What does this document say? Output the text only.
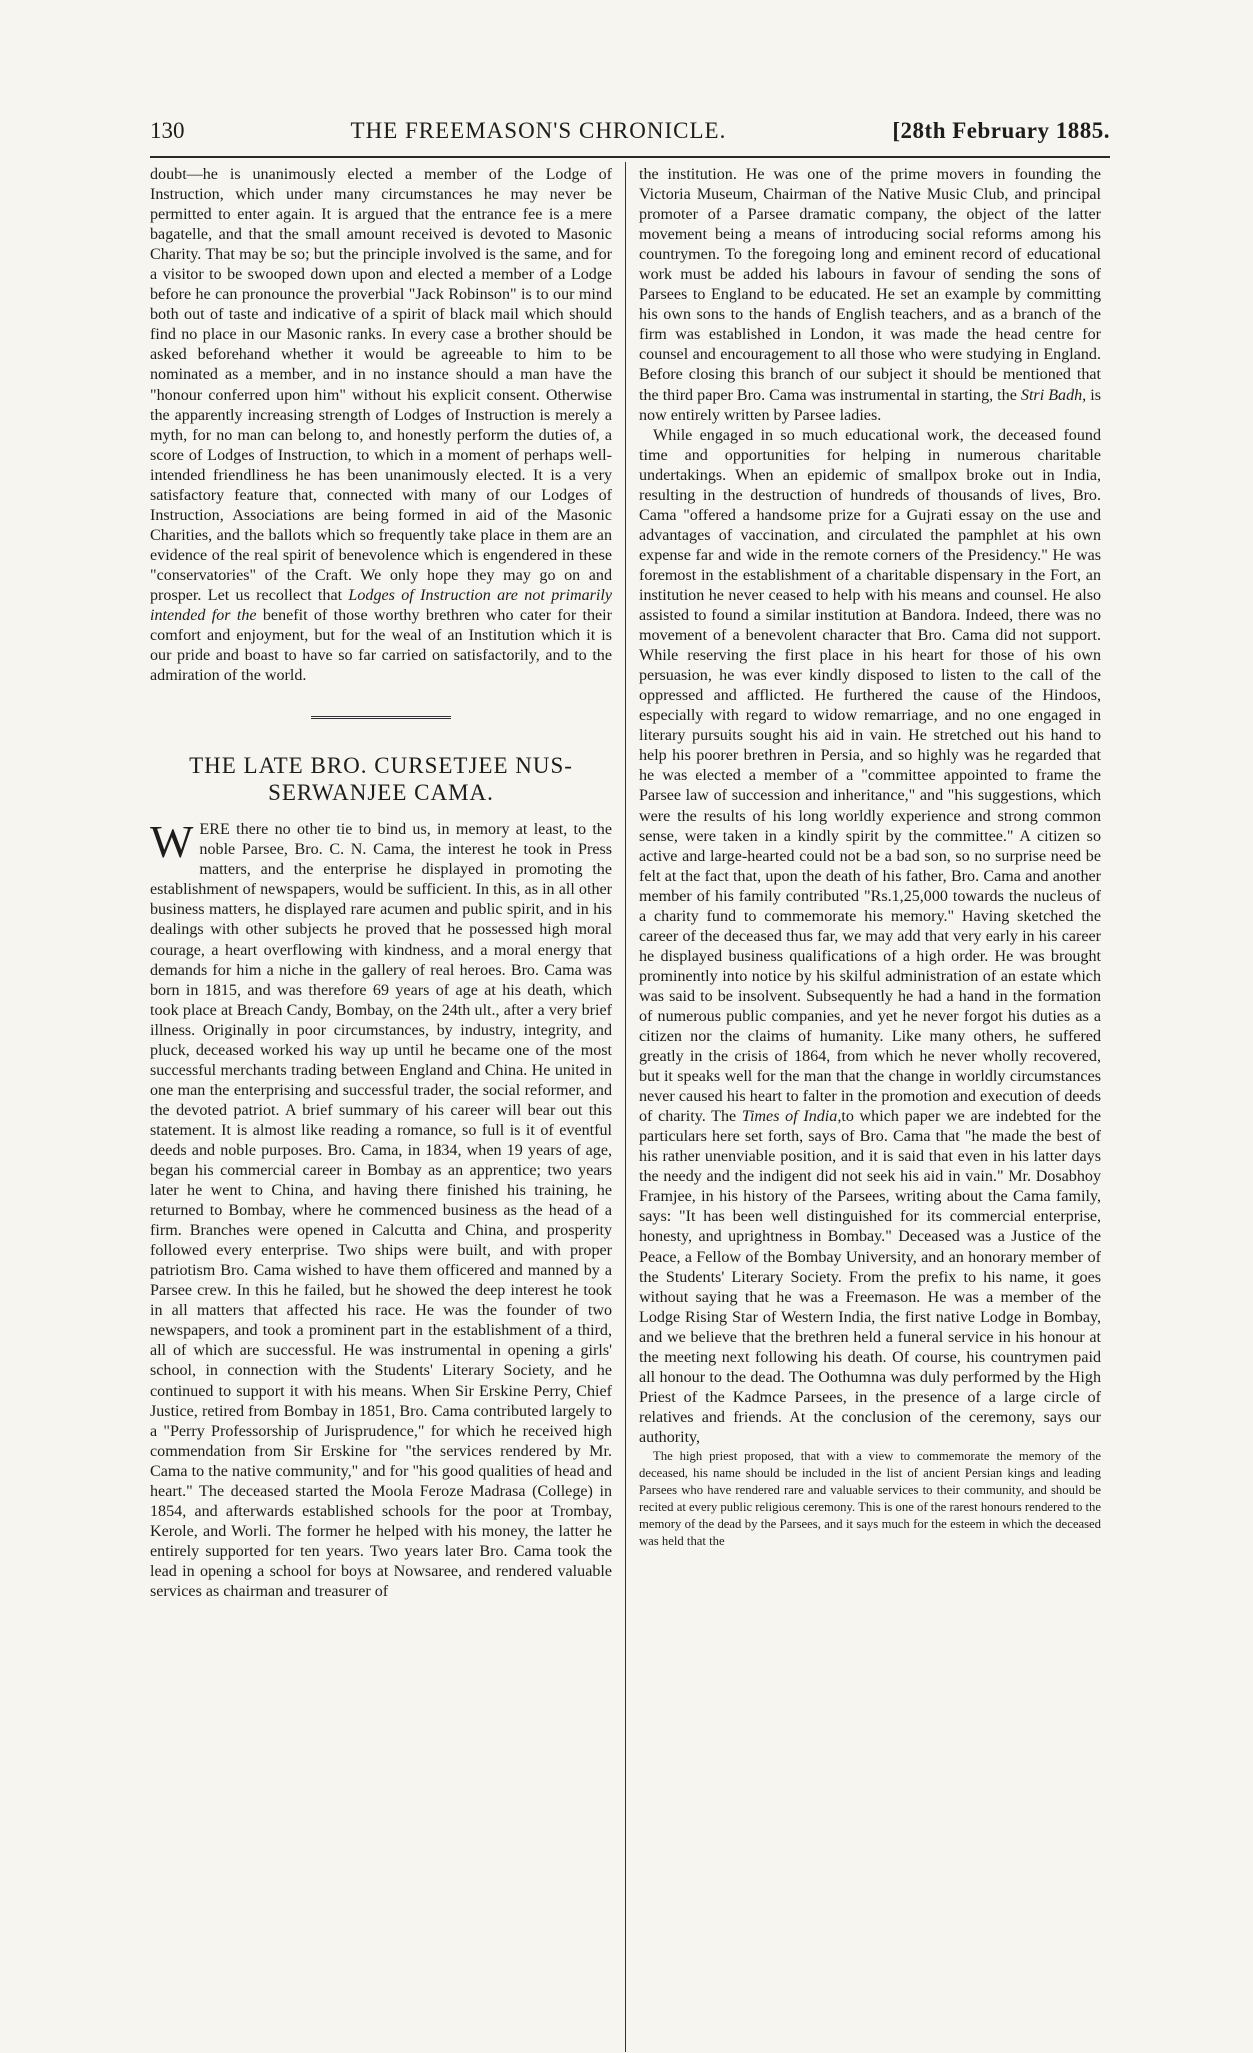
130	THE FREEMASON'S CHRONICLE.	[28th February 1885.

doubt—he is unanimously elected a member of the Lodge of Instruction, which under many circumstances he may never be permitted to enter again. It is argued that the entrance fee is a mere bagatelle, and that the small amount received is devoted to Masonic Charity. That may be so; but the principle involved is the same, and for a visitor to be swooped down upon and elected a member of a Lodge before he can pronounce the proverbial "Jack Robinson" is to our mind both out of taste and indicative of a spirit of black mail which should find no place in our Masonic ranks. In every case a brother should be asked beforehand whether it would be agreeable to him to be nominated as a member, and in no instance should a man have the "honour conferred upon him" without his explicit consent. Otherwise the apparently increasing strength of Lodges of Instruction is merely a myth, for no man can belong to, and honestly perform the duties of, a score of Lodges of Instruction, to which in a moment of perhaps well-intended friendliness he has been unanimously elected. It is a very satisfactory feature that, connected with many of our Lodges of Instruction, Associations are being formed in aid of the Masonic Charities, and the ballots which so frequently take place in them are an evidence of the real spirit of benevolence which is engendered in these "conservatories" of the Craft. We only hope they may go on and prosper. Let us recollect that Lodges of Instruction are not primarily intended for the benefit of those worthy brethren who cater for their comfort and enjoyment, but for the weal of an Institution which it is our pride and boast to have so far carried on satisfactorily, and to the admiration of the world.

THE LATE BRO. CURSETJEE NUS-
SERWANJEE CAMA.

WERE there no other tie to bind us, in memory at least, to the noble Parsee, Bro. C. N. Cama, the interest he took in Press matters, and the enterprise he displayed in promoting the establishment of newspapers, would be sufficient. In this, as in all other business matters, he displayed rare acumen and public spirit, and in his dealings with other subjects he proved that he possessed high moral courage, a heart overflowing with kindness, and a moral energy that demands for him a niche in the gallery of real heroes. Bro. Cama was born in 1815, and was therefore 69 years of age at his death, which took place at Breach Candy, Bombay, on the 24th ult., after a very brief illness. Originally in poor circumstances, by industry, integrity, and pluck, deceased worked his way up until he became one of the most successful merchants trading between England and China. He united in one man the enterprising and successful trader, the social reformer, and the devoted patriot. A brief summary of his career will bear out this statement. It is almost like reading a romance, so full is it of eventful deeds and noble purposes. Bro. Cama, in 1834, when 19 years of age, began his commercial career in Bombay as an apprentice; two years later he went to China, and having there finished his training, he returned to Bombay, where he commenced business as the head of a firm. Branches were opened in Calcutta and China, and prosperity followed every enterprise. Two ships were built, and with proper patriotism Bro. Cama wished to have them officered and manned by a Parsee crew. In this he failed, but he showed the deep interest he took in all matters that affected his race. He was the founder of two newspapers, and took a prominent part in the establishment of a third, all of which are successful. He was instrumental in opening a girls' school, in connection with the Students' Literary Society, and he continued to support it with his means. When Sir Erskine Perry, Chief Justice, retired from Bombay in 1851, Bro. Cama contributed largely to a "Perry Professorship of Jurisprudence," for which he received high commendation from Sir Erskine for "the services rendered by Mr. Cama to the native community," and for "his good qualities of head and heart." The deceased started the Moola Feroze Madrasa (College) in 1854, and afterwards established schools for the poor at Trombay, Kerole, and Worli. The former he helped with his money, the latter he entirely supported for ten years. Two years later Bro. Cama took the lead in opening a school for boys at Nowsaree, and rendered valuable services as chairman and treasurer of

the institution. He was one of the prime movers in founding the Victoria Museum, Chairman of the Native Music Club, and principal promoter of a Parsee dramatic company, the object of the latter movement being a means of introducing social reforms among his countrymen. To the foregoing long and eminent record of educational work must be added his labours in favour of sending the sons of Parsees to England to be educated. He set an example by committing his own sons to the hands of English teachers, and as a branch of the firm was established in London, it was made the head centre for counsel and encouragement to all those who were studying in England. Before closing this branch of our subject it should be mentioned that the third paper Bro. Cama was instrumental in starting, the Stri Badh, is now entirely written by Parsee ladies.

While engaged in so much educational work, the deceased found time and opportunities for helping in numerous charitable undertakings. When an epidemic of smallpox broke out in India, resulting in the destruction of hundreds of thousands of lives, Bro. Cama "offered a handsome prize for a Gujrati essay on the use and advantages of vaccination, and circulated the pamphlet at his own expense far and wide in the remote corners of the Presidency." He was foremost in the establishment of a charitable dispensary in the Fort, an institution he never ceased to help with his means and counsel. He also assisted to found a similar institution at Bandora. Indeed, there was no movement of a benevolent character that Bro. Cama did not support. While reserving the first place in his heart for those of his own persuasion, he was ever kindly disposed to listen to the call of the oppressed and afflicted. He furthered the cause of the Hindoos, especially with regard to widow remarriage, and no one engaged in literary pursuits sought his aid in vain. He stretched out his hand to help his poorer brethren in Persia, and so highly was he regarded that he was elected a member of a "committee appointed to frame the Parsee law of succession and inheritance," and "his suggestions, which were the results of his long worldly experience and strong common sense, were taken in a kindly spirit by the committee." A citizen so active and large-hearted could not be a bad son, so no surprise need be felt at the fact that, upon the death of his father, Bro. Cama and another member of his family contributed "Rs.1,25,000 towards the nucleus of a charity fund to commemorate his memory." Having sketched the career of the deceased thus far, we may add that very early in his career he displayed business qualifications of a high order. He was brought prominently into notice by his skilful administration of an estate which was said to be insolvent. Subsequently he had a hand in the formation of numerous public companies, and yet he never forgot his duties as a citizen nor the claims of humanity. Like many others, he suffered greatly in the crisis of 1864, from which he never wholly recovered, but it speaks well for the man that the change in worldly circumstances never caused his heart to falter in the promotion and execution of deeds of charity. The Times of India,to which paper we are indebted for the particulars here set forth, says of Bro. Cama that "he made the best of his rather unenviable position, and it is said that even in his latter days the needy and the indigent did not seek his aid in vain." Mr. Dosabhoy Framjee, in his history of the Parsees, writing about the Cama family, says: "It has been well distinguished for its commercial enterprise, honesty, and uprightness in Bombay." Deceased was a Justice of the Peace, a Fellow of the Bombay University, and an honorary member of the Students' Literary Society. From the prefix to his name, it goes without saying that he was a Freemason. He was a member of the Lodge Rising Star of Western India, the first native Lodge in Bombay, and we believe that the brethren held a funeral service in his honour at the meeting next following his death. Of course, his countrymen paid all honour to the dead. The Oothumna was duly performed by the High Priest of the Kadmce Parsees, in the presence of a large circle of relatives and friends. At the conclusion of the ceremony, says our authority,

The high priest proposed, that with a view to commemorate the memory of the deceased, his name should be included in the list of ancient Persian kings and leading Parsees who have rendered rare and valuable services to their community, and should be recited at every public religious ceremony. This is one of the rarest honours rendered to the memory of the dead by the Parsees, and it says much for the esteem in which the deceased was held that the
